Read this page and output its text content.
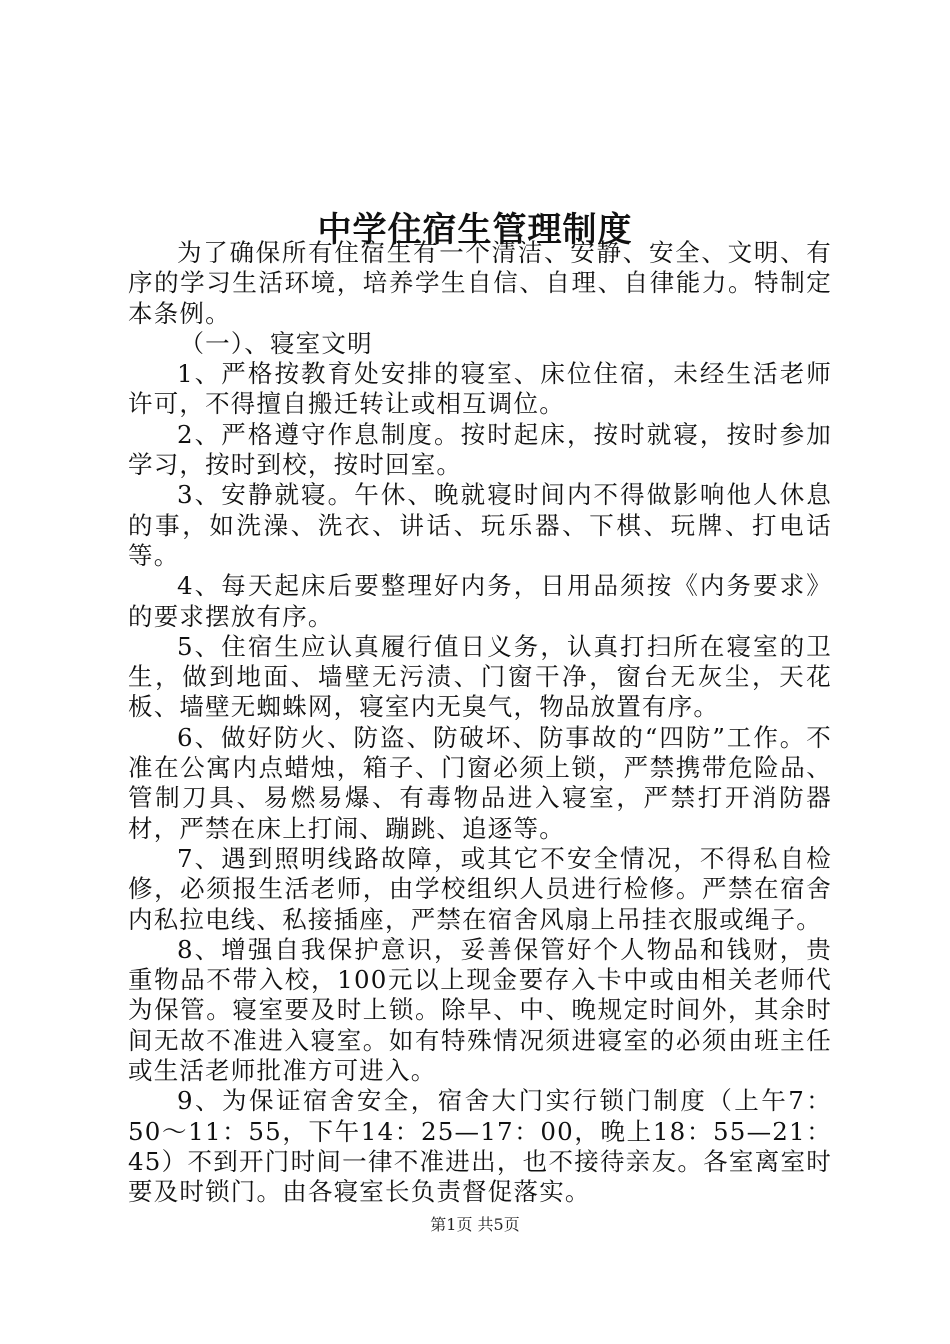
中学住宿生管理制度

为了确保所有住宿生有一个清洁、安静、安全、文明、有序的学习生活环境，培养学生自信、自理、自律能力。特制定本条例。

（一）、寝室文明

1、严格按教育处安排的寝室、床位住宿，未经生活老师许可，不得擅自搬迁转让或相互调位。

2、严格遵守作息制度。按时起床，按时就寝，按时参加学习，按时到校，按时回室。

3、安静就寝。午休、晚就寝时间内不得做影响他人休息的事，如洗澡、洗衣、讲话、玩乐器、下棋、玩牌、打电话等。

4、每天起床后要整理好内务，日用品须按《内务要求》的要求摆放有序。

5、住宿生应认真履行值日义务，认真打扫所在寝室的卫生，做到地面、墙壁无污渍、门窗干净，窗台无灰尘，天花板、墙壁无蜘蛛网，寝室内无臭气，物品放置有序。

6、做好防火、防盗、防破坏、防事故的“四防”工作。不准在公寓内点蜡烛，箱子、门窗必须上锁，严禁携带危险品、管制刀具、易燃易爆、有毒物品进入寝室，严禁打开消防器材，严禁在床上打闹、蹦跳、追逐等。

7、遇到照明线路故障，或其它不安全情况，不得私自检修，必须报生活老师，由学校组织人员进行检修。严禁在宿舍内私拉电线、私接插座，严禁在宿舍风扇上吊挂衣服或绳子。

8、增强自我保护意识，妥善保管好个人物品和钱财，贵重物品不带入校，100元以上现金要存入卡中或由相关老师代为保管。寝室要及时上锁。除早、中、晚规定时间外，其余时间无故不准进入寝室。如有特殊情况须进寝室的必须由班主任或生活老师批准方可进入。

9、为保证宿舍安全，宿舍大门实行锁门制度（上午7：50～11：55，下午14：25—17：00，晚上18：55—21：45）不到开门时间一律不准进出，也不接待亲友。各室离室时要及时锁门。由各寝室长负责督促落实。

第1页 共5页
